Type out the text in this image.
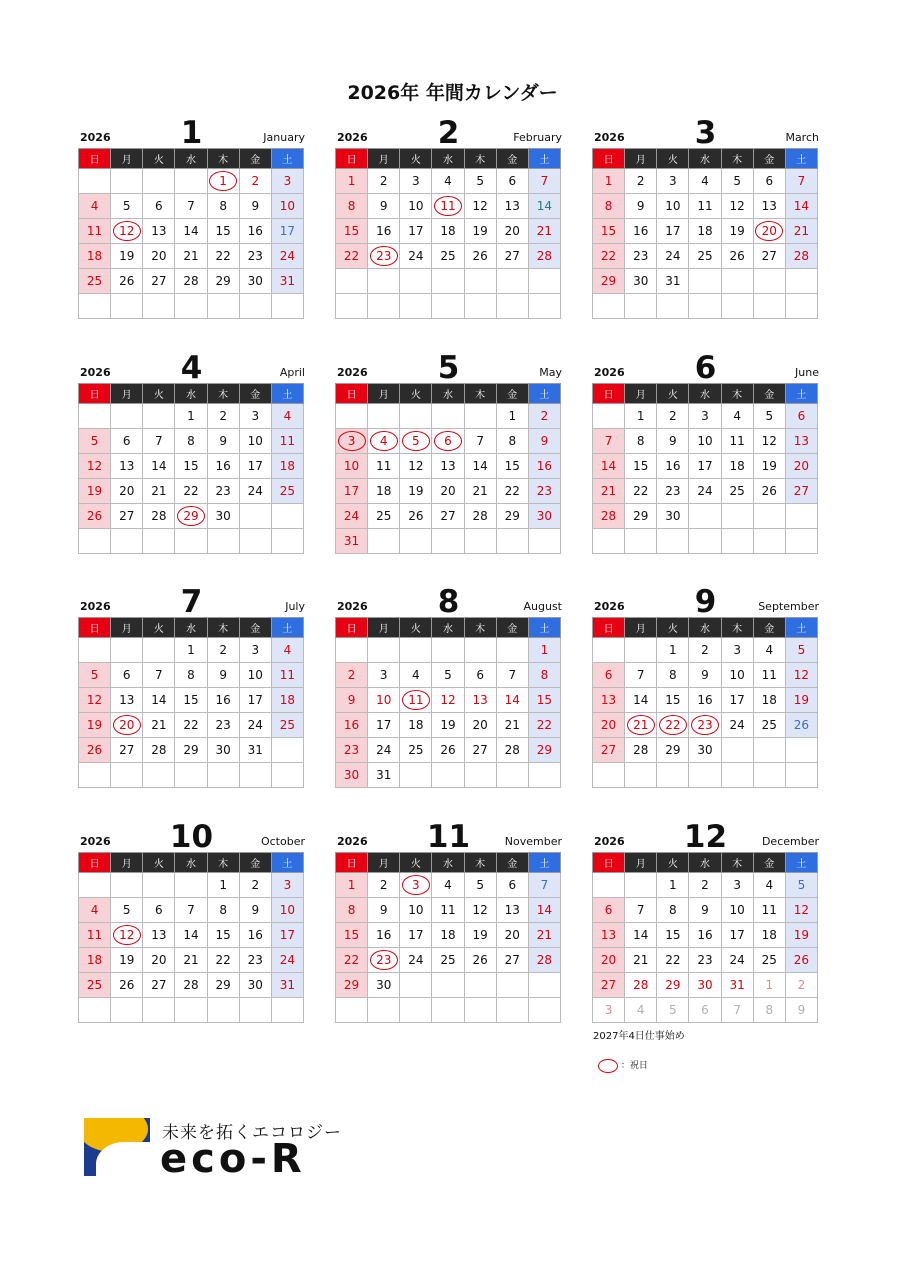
2026年 年間カレンダー
2026	1	January
日	月	火	水	木	金	土
				1	2	3
4	5	6	7	8	9	10
11	12	13	14	15	16	17
18	19	20	21	22	23	24
25	26	27	28	29	30	31

2026	2	February
日	月	火	水	木	金	土
1	2	3	4	5	6	7
8	9	10	11	12	13	14
15	16	17	18	19	20	21
22	23	24	25	26	27	28

2026	3	March
日	月	火	水	木	金	土
1	2	3	4	5	6	7
8	9	10	11	12	13	14
15	16	17	18	19	20	21
22	23	24	25	26	27	28
29	30	31				

2026	4	April
日	月	火	水	木	金	土
			1	2	3	4
5	6	7	8	9	10	11
12	13	14	15	16	17	18
19	20	21	22	23	24	25
26	27	28	29	30		

2026	5	May
日	月	火	水	木	金	土
					1	2
3	4	5	6	7	8	9
10	11	12	13	14	15	16
17	18	19	20	21	22	23
24	25	26	27	28	29	30
31						
2026	6	June
日	月	火	水	木	金	土
	1	2	3	4	5	6
7	8	9	10	11	12	13
14	15	16	17	18	19	20
21	22	23	24	25	26	27
28	29	30				

2026	7	July
日	月	火	水	木	金	土
			1	2	3	4
5	6	7	8	9	10	11
12	13	14	15	16	17	18
19	20	21	22	23	24	25
26	27	28	29	30	31	

2026	8	August
日	月	火	水	木	金	土
						1
2	3	4	5	6	7	8
9	10	11	12	13	14	15
16	17	18	19	20	21	22
23	24	25	26	27	28	29
30	31					
2026	9	September
日	月	火	水	木	金	土
		1	2	3	4	5
6	7	8	9	10	11	12
13	14	15	16	17	18	19
20	21	22	23	24	25	26
27	28	29	30			

2026	10	October
日	月	火	水	木	金	土
				1	2	3
4	5	6	7	8	9	10
11	12	13	14	15	16	17
18	19	20	21	22	23	24
25	26	27	28	29	30	31

2026	11	November
日	月	火	水	木	金	土
1	2	3	4	5	6	7
8	9	10	11	12	13	14
15	16	17	18	19	20	21
22	23	24	25	26	27	28
29	30					

2026	12	December
日	月	火	水	木	金	土
		1	2	3	4	5
6	7	8	9	10	11	12
13	14	15	16	17	18	19
20	21	22	23	24	25	26
27	28	29	30	31	1	2
3	4	5	6	7	8	9
2027年4日仕事始め
：祝日
未来を拓くエコロジー
eco-R
